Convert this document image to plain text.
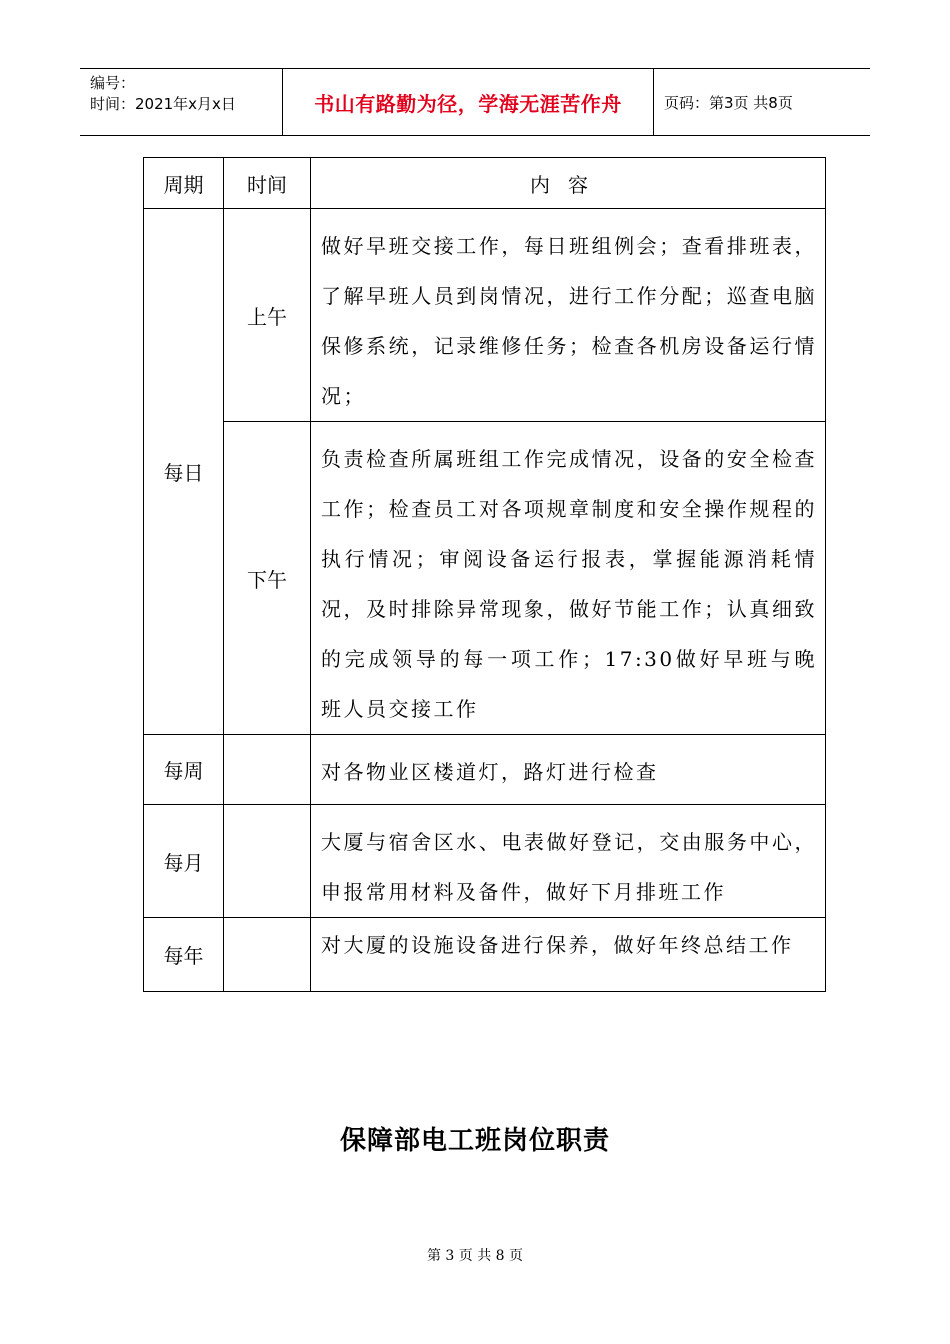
编号：
时间：2021年x月x日	书山有路勤为径，学海无涯苦作舟	页码：第3页 共8页
周期	时间	内容
每日	上午	做好早班交接工作，每日班组例会；查看排班表，了解早班人员到岗情况，进行工作分配；巡查电脑保修系统，记录维修任务；检查各机房设备运行情况；
	下午	负责检查所属班组工作完成情况，设备的安全检查工作；检查员工对各项规章制度和安全操作规程的执行情况；审阅设备运行报表，掌握能源消耗情况，及时排除异常现象，做好节能工作；认真细致的完成领导的每一项工作；17:30做好早班与晚班人员交接工作
每周		对各物业区楼道灯，路灯进行检查
每月		大厦与宿舍区水、电表做好登记，交由服务中心，申报常用材料及备件，做好下月排班工作
每年		对大厦的设施设备进行保养，做好年终总结工作
保障部电工班岗位职责
第 3 页 共 8 页
